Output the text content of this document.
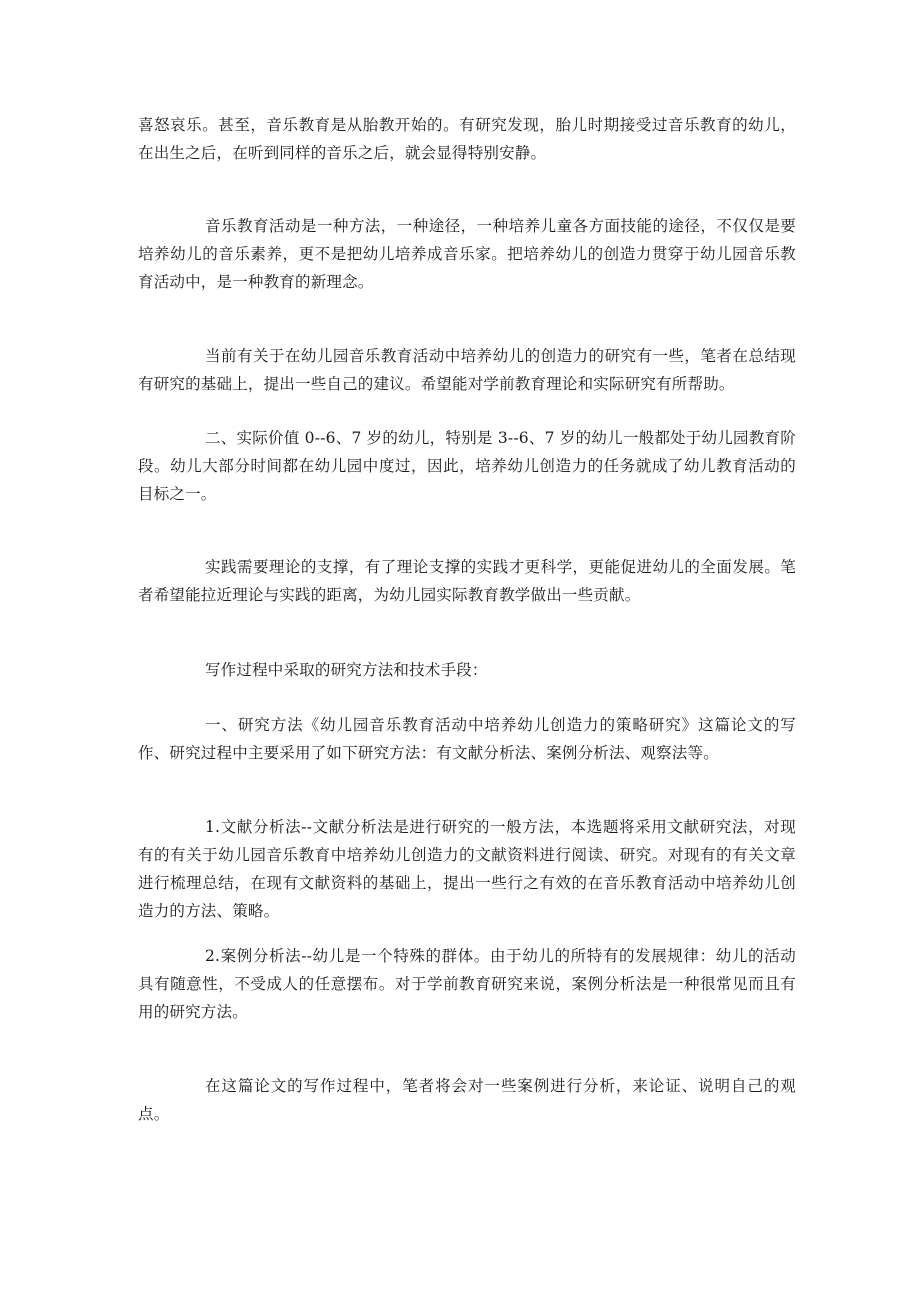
喜怒哀乐。甚至，音乐教育是从胎教开始的。有研究发现，胎儿时期接受过音乐教育的幼儿，在出生之后，在听到同样的音乐之后，就会显得特别安静。

音乐教育活动是一种方法，一种途径，一种培养儿童各方面技能的途径，不仅仅是要培养幼儿的音乐素养，更不是把幼儿培养成音乐家。把培养幼儿的创造力贯穿于幼儿园音乐教育活动中，是一种教育的新理念。

当前有关于在幼儿园音乐教育活动中培养幼儿的创造力的研究有一些，笔者在总结现有研究的基础上，提出一些自己的建议。希望能对学前教育理论和实际研究有所帮助。

二、实际价值 0--6、7 岁的幼儿，特别是 3--6、7 岁的幼儿一般都处于幼儿园教育阶段。幼儿大部分时间都在幼儿园中度过，因此，培养幼儿创造力的任务就成了幼儿教育活动的目标之一。

实践需要理论的支撑，有了理论支撑的实践才更科学，更能促进幼儿的全面发展。笔者希望能拉近理论与实践的距离，为幼儿园实际教育教学做出一些贡献。

写作过程中采取的研究方法和技术手段：

一、研究方法《幼儿园音乐教育活动中培养幼儿创造力的策略研究》这篇论文的写作、研究过程中主要采用了如下研究方法：有文献分析法、案例分析法、观察法等。

1.文献分析法--文献分析法是进行研究的一般方法，本选题将采用文献研究法，对现有的有关于幼儿园音乐教育中培养幼儿创造力的文献资料进行阅读、研究。对现有的有关文章进行梳理总结，在现有文献资料的基础上，提出一些行之有效的在音乐教育活动中培养幼儿创造力的方法、策略。

2.案例分析法--幼儿是一个特殊的群体。由于幼儿的所特有的发展规律：幼儿的活动具有随意性，不受成人的任意摆布。对于学前教育研究来说，案例分析法是一种很常见而且有用的研究方法。

在这篇论文的写作过程中，笔者将会对一些案例进行分析，来论证、说明自己的观点。
